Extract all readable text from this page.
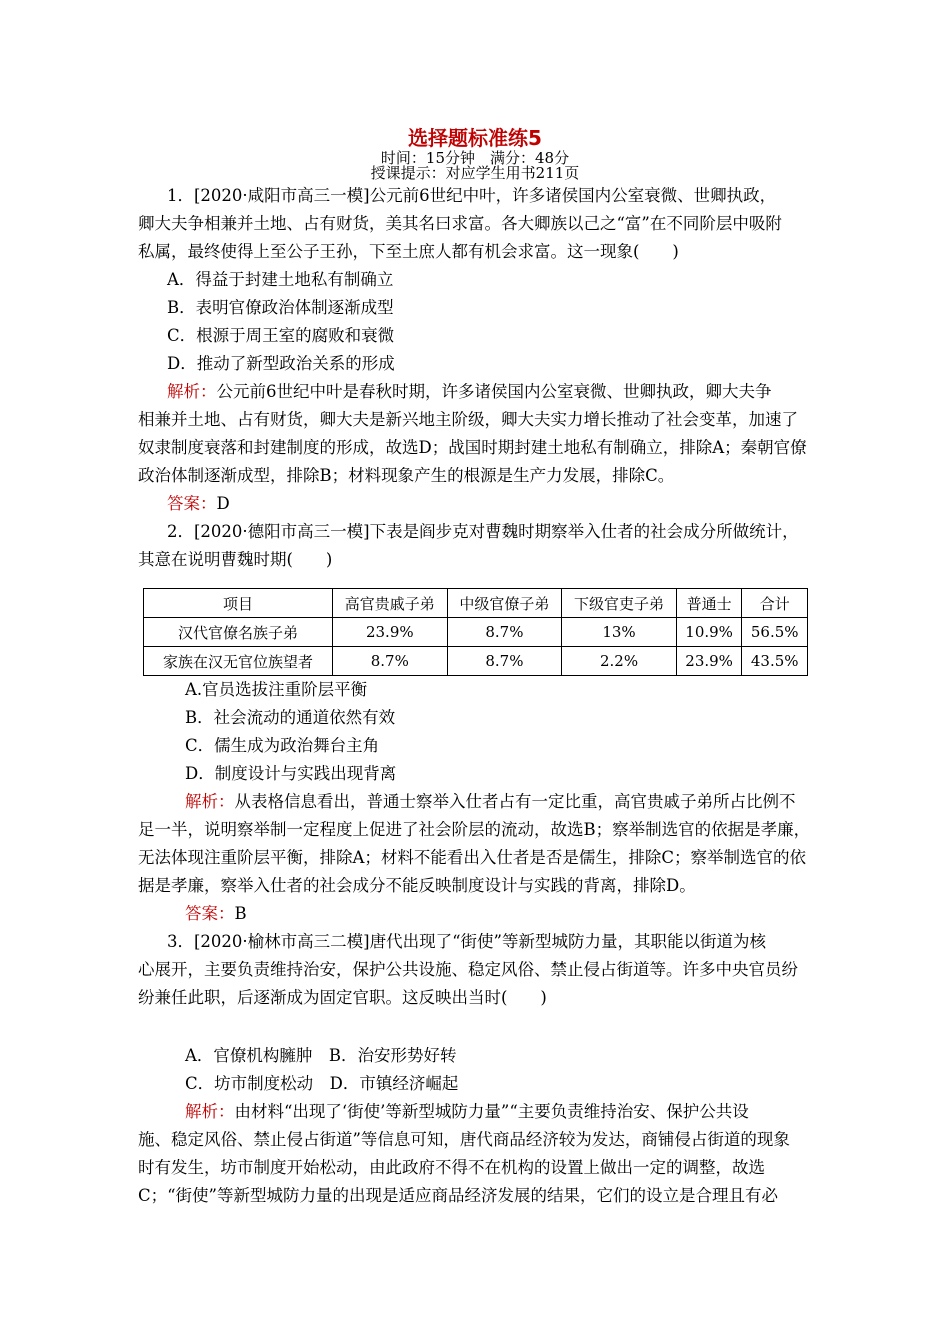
选择题标准练5
时间：15分钟　满分：48分
授课提示：对应学生用书211页
1．[2020·咸阳市高三一模]公元前6世纪中叶，许多诸侯国内公室衰微、世卿执政，
卿大夫争相兼并土地、占有财货，美其名曰求富。各大卿族以己之“富”在不同阶层中吸附
私属，最终使得上至公子王孙，下至土庶人都有机会求富。这一现象(　　)
A．得益于封建土地私有制确立
B．表明官僚政治体制逐渐成型
C．根源于周王室的腐败和衰微
D．推动了新型政治关系的形成
解析：公元前6世纪中叶是春秋时期，许多诸侯国内公室衰微、世卿执政，卿大夫争
相兼并土地、占有财货，卿大夫是新兴地主阶级，卿大夫实力增长推动了社会变革，加速了
奴隶制度衰落和封建制度的形成，故选D；战国时期封建土地私有制确立，排除A；秦朝官僚
政治体制逐渐成型，排除B；材料现象产生的根源是生产力发展，排除C。
答案：D
2．[2020·德阳市高三一模]下表是阎步克对曹魏时期察举入仕者的社会成分所做统计，
其意在说明曹魏时期(　　)
项目	高官贵戚子弟	中级官僚子弟	下级官吏子弟	普通士	合计
汉代官僚名族子弟	23.9%	8.7%	13%	10.9%	56.5%
家族在汉无官位族望者	8.7%	8.7%	2.2%	23.9%	43.5%
A.官员选拔注重阶层平衡
B．社会流动的通道依然有效
C．儒生成为政治舞台主角
D．制度设计与实践出现背离
解析：从表格信息看出，普通士察举入仕者占有一定比重，高官贵戚子弟所占比例不
足一半，说明察举制一定程度上促进了社会阶层的流动，故选B；察举制选官的依据是孝廉，
无法体现注重阶层平衡，排除A；材料不能看出入仕者是否是儒生，排除C；察举制选官的依
据是孝廉，察举入仕者的社会成分不能反映制度设计与实践的背离，排除D。
答案：B
3．[2020·榆林市高三二模]唐代出现了“街使”等新型城防力量，其职能以街道为核
心展开，主要负责维持治安，保护公共设施、稳定风俗、禁止侵占街道等。许多中央官员纷
纷兼任此职，后逐渐成为固定官职。这反映出当时(　　)
A．官僚机构臃肿　B．治安形势好转
C．坊市制度松动　D．市镇经济崛起
解析：由材料“出现了‘街使’等新型城防力量”“主要负责维持治安、保护公共设
施、稳定风俗、禁止侵占街道”等信息可知，唐代商品经济较为发达，商铺侵占街道的现象
时有发生，坊市制度开始松动，由此政府不得不在机构的设置上做出一定的调整，故选
C；“街使”等新型城防力量的出现是适应商品经济发展的结果，它们的设立是合理且有必
